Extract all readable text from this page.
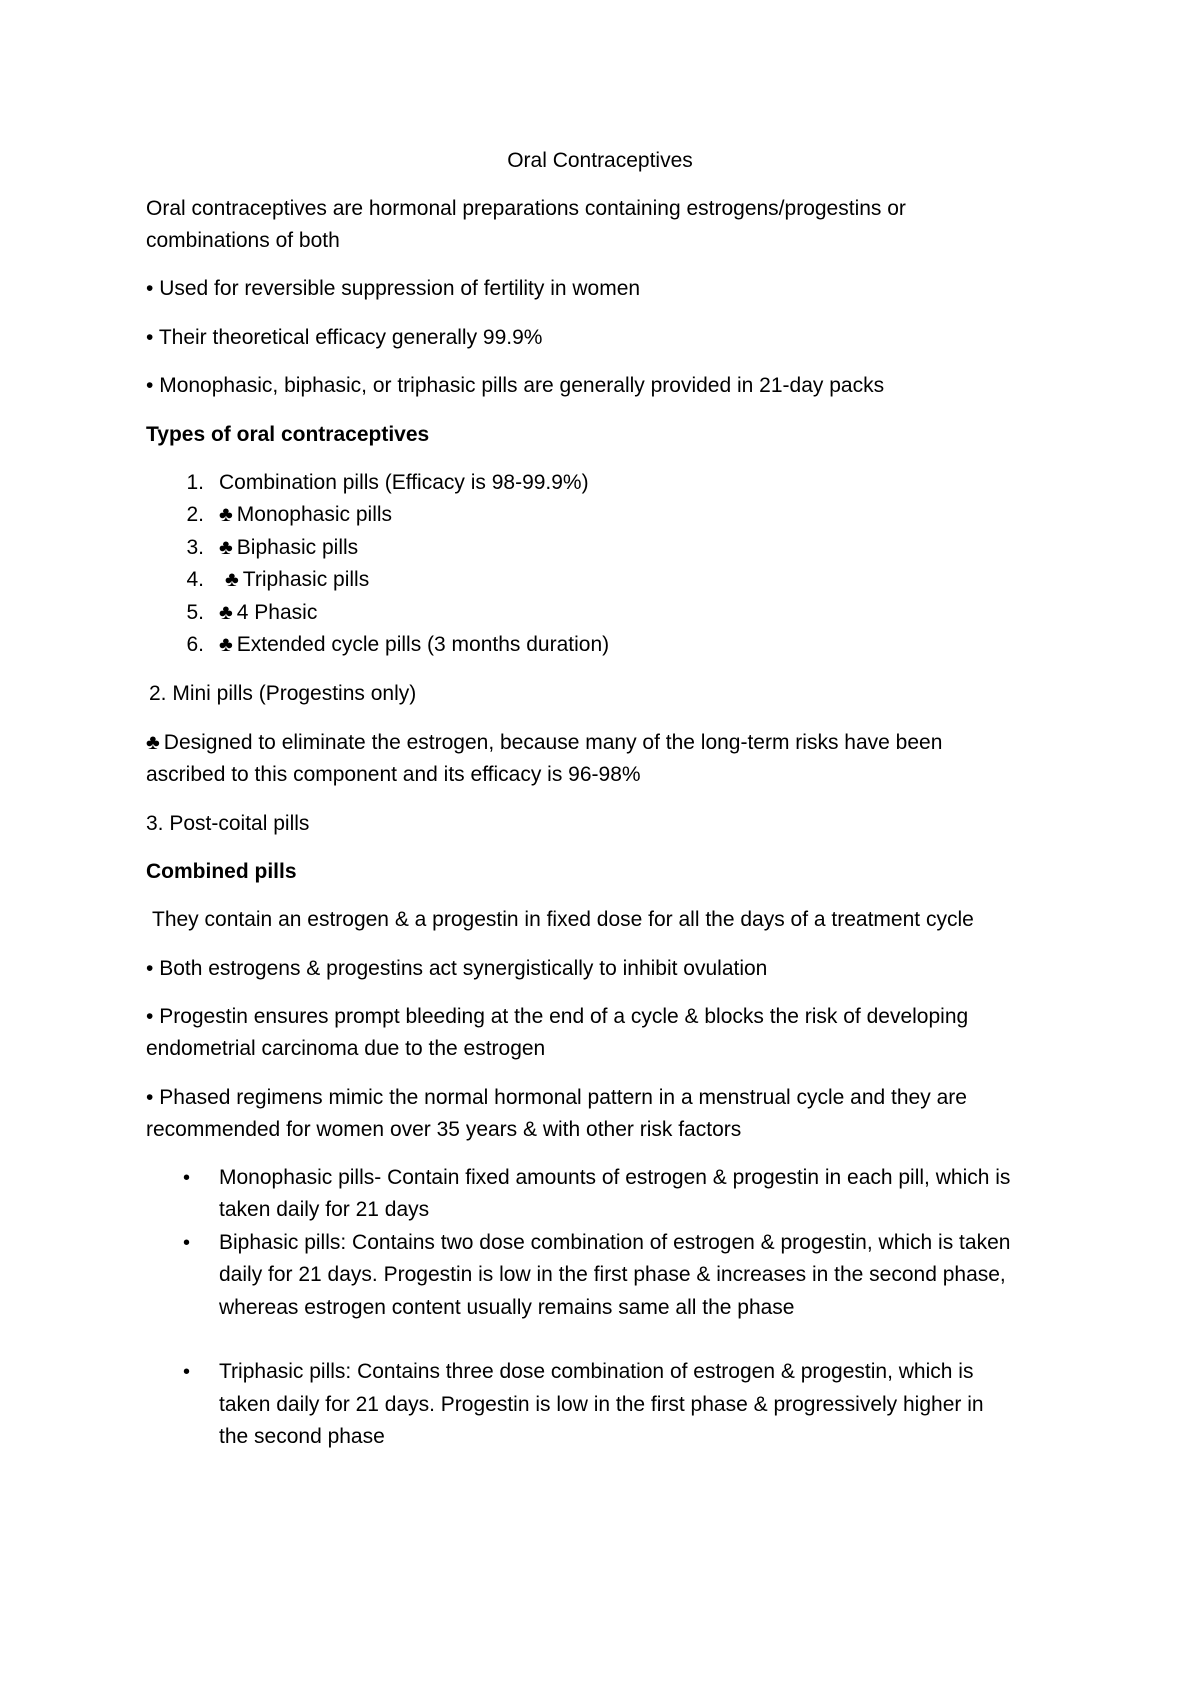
Oral Contraceptives
Oral contraceptives are hormonal preparations containing estrogens/progestins or
combinations of both
• Used for reversible suppression of fertility in women
• Their theoretical efficacy generally 99.9%
• Monophasic, biphasic, or triphasic pills are generally provided in 21-day packs
Types of oral contraceptives
1. Combination pills (Efficacy is 98-99.9%)
2. ♣ Monophasic pills
3. ♣ Biphasic pills
4. ♣ Triphasic pills
5. ♣ 4 Phasic
6. ♣ Extended cycle pills (3 months duration)
2. Mini pills (Progestins only)
♣ Designed to eliminate the estrogen, because many of the long-term risks have been
ascribed to this component and its efficacy is 96-98%
3. Post-coital pills
Combined pills
They contain an estrogen & a progestin in fixed dose for all the days of a treatment cycle
• Both estrogens & progestins act synergistically to inhibit ovulation
• Progestin ensures prompt bleeding at the end of a cycle & blocks the risk of developing
endometrial carcinoma due to the estrogen
• Phased regimens mimic the normal hormonal pattern in a menstrual cycle and they are
recommended for women over 35 years & with other risk factors
• Monophasic pills- Contain fixed amounts of estrogen & progestin in each pill, which is
taken daily for 21 days
• Biphasic pills: Contains two dose combination of estrogen & progestin, which is taken
daily for 21 days. Progestin is low in the first phase & increases in the second phase,
whereas estrogen content usually remains same all the phase
• Triphasic pills: Contains three dose combination of estrogen & progestin, which is
taken daily for 21 days. Progestin is low in the first phase & progressively higher in
the second phase
